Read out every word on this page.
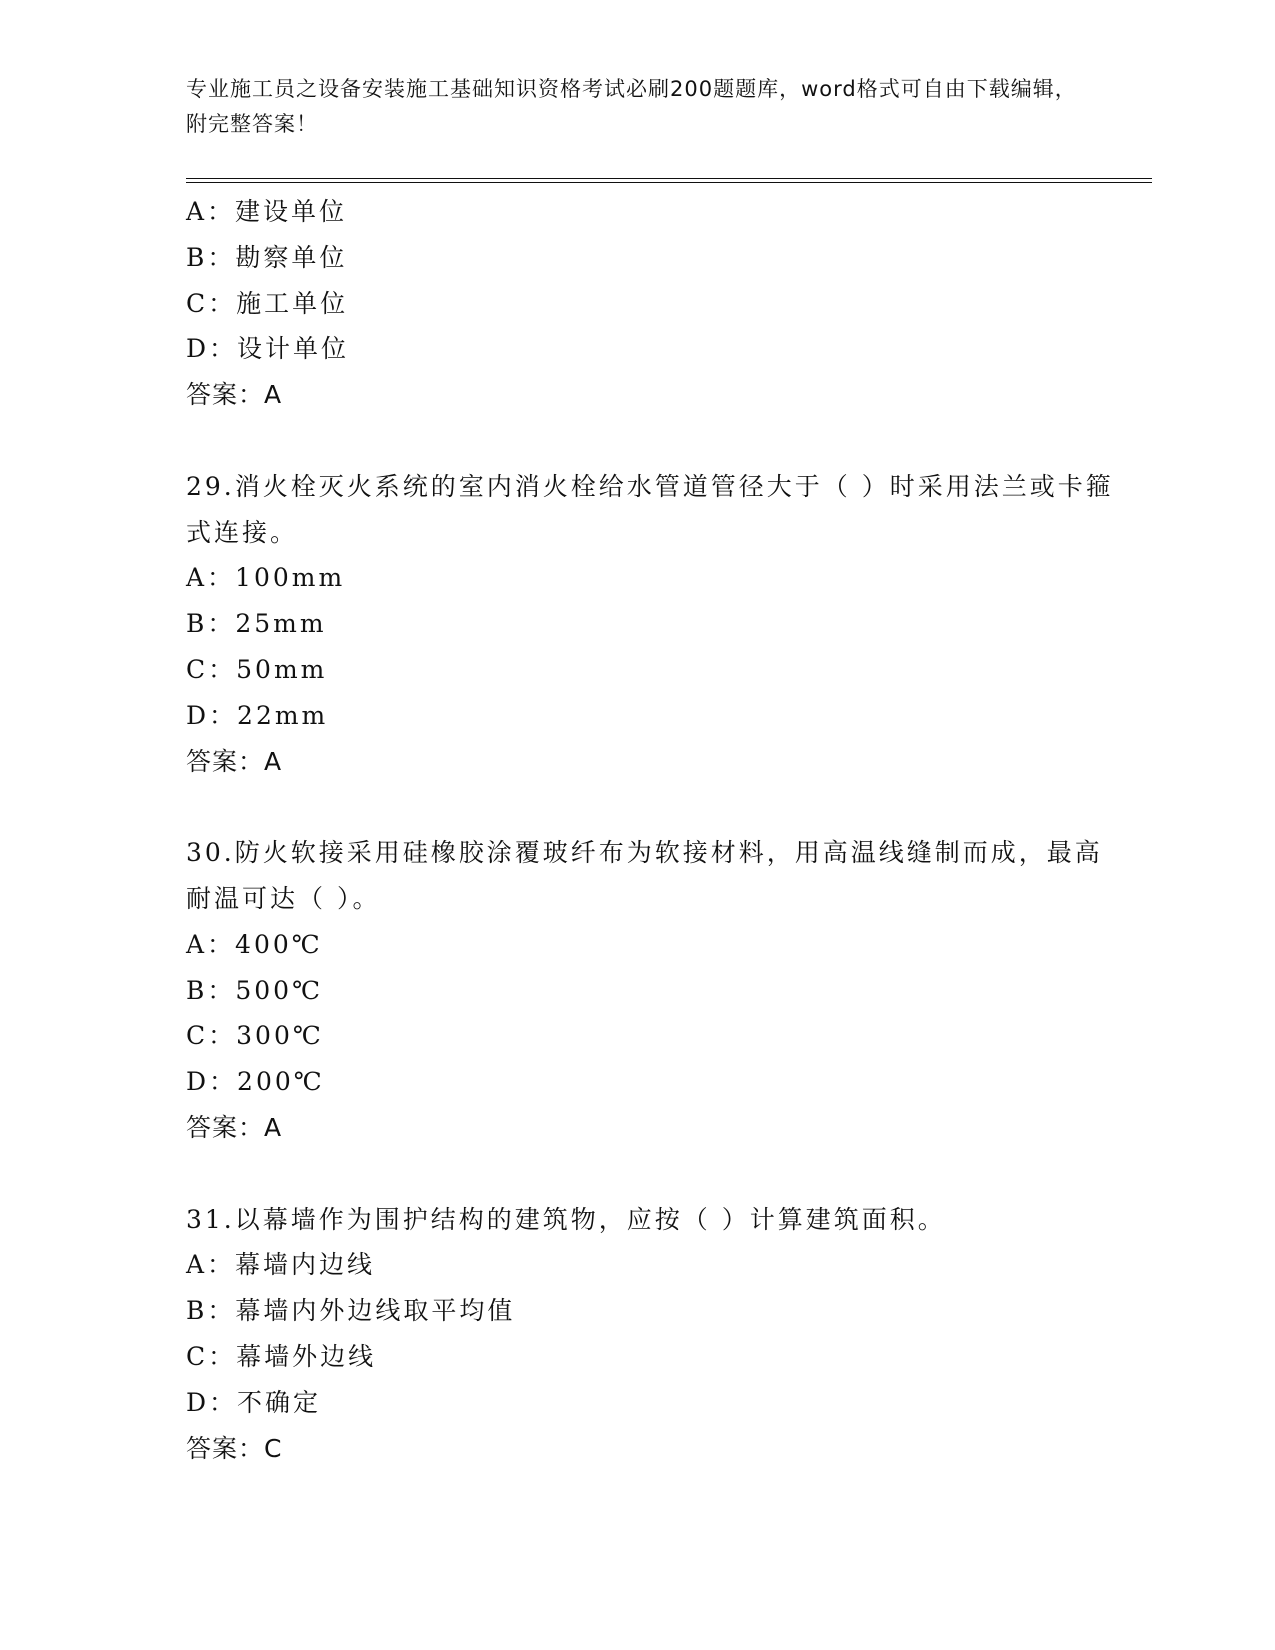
专业施工员之设备安装施工基础知识资格考试必刷200题题库，word格式可自由下载编辑，附完整答案！
A：建设单位
B：勘察单位
C：施工单位
D：设计单位
答案：A
29.消火栓灭火系统的室内消火栓给水管道管径大于（ ）时采用法兰或卡箍式连接。
A：100mm
B：25mm
C：50mm
D：22mm
答案：A
30.防火软接采用硅橡胶涂覆玻纤布为软接材料，用高温线缝制而成，最高耐温可达（ ）。
A：400℃
B：500℃
C：300℃
D：200℃
答案：A
31.以幕墙作为围护结构的建筑物，应按（ ）计算建筑面积。
A：幕墙内边线
B：幕墙内外边线取平均值
C：幕墙外边线
D：不确定
答案：C
